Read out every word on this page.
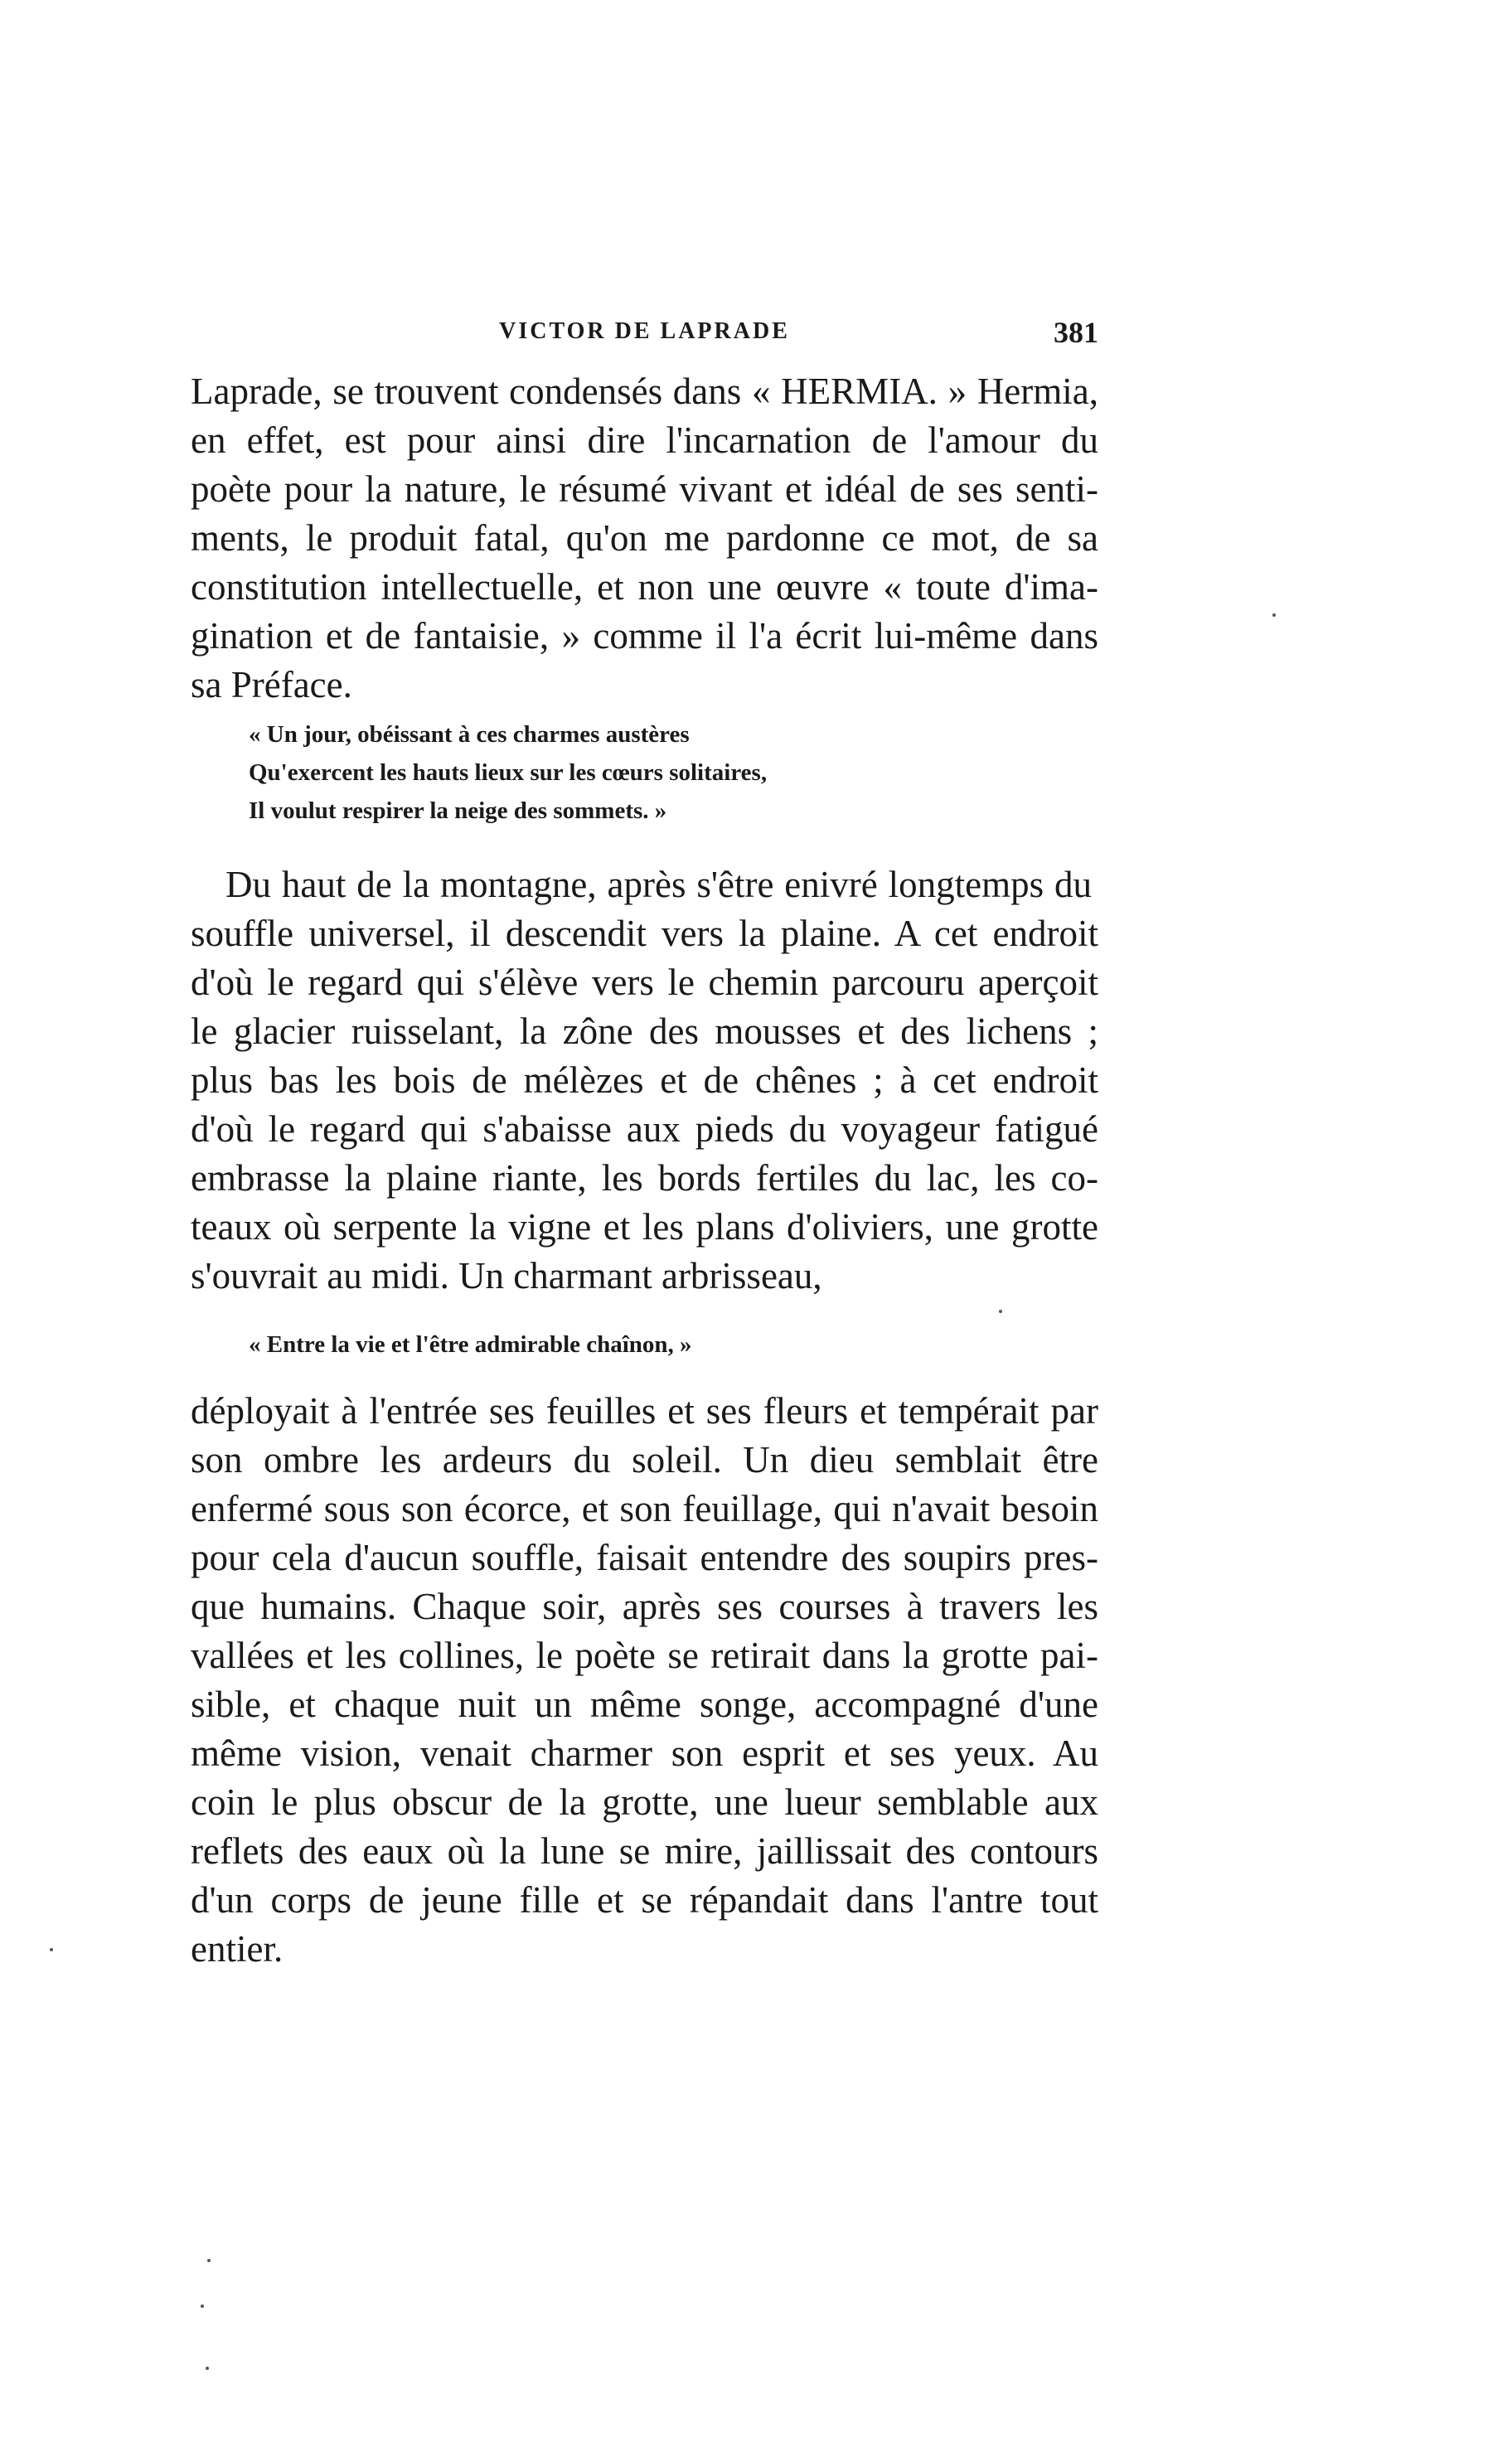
VICTOR DE LAPRADE	381
Laprade, se trouvent condensés dans « HERMIA. » Hermia,
en effet, est pour ainsi dire l'incarnation de l'amour du
poète pour la nature, le résumé vivant et idéal de ses senti-
ments, le produit fatal, qu'on me pardonne ce mot, de sa
constitution intellectuelle, et non une œuvre « toute d'ima-
gination et de fantaisie, » comme il l'a écrit lui-même dans
sa Préface.
« Un jour, obéissant à ces charmes austères
Qu'exercent les hauts lieux sur les cœurs solitaires,
Il voulut respirer la neige des sommets. »
Du haut de la montagne, après s'être enivré longtemps du
souffle universel, il descendit vers la plaine. A cet endroit
d'où le regard qui s'élève vers le chemin parcouru aperçoit
le glacier ruisselant, la zône des mousses et des lichens ;
plus bas les bois de mélèzes et de chênes ; à cet endroit
d'où le regard qui s'abaisse aux pieds du voyageur fatigué
embrasse la plaine riante, les bords fertiles du lac, les co-
teaux où serpente la vigne et les plans d'oliviers, une grotte
s'ouvrait au midi. Un charmant arbrisseau,
« Entre la vie et l'être admirable chaînon, »
déployait à l'entrée ses feuilles et ses fleurs et tempérait par
son ombre les ardeurs du soleil. Un dieu semblait être
enfermé sous son écorce, et son feuillage, qui n'avait besoin
pour cela d'aucun souffle, faisait entendre des soupirs pres-
que humains. Chaque soir, après ses courses à travers les
vallées et les collines, le poète se retirait dans la grotte pai-
sible, et chaque nuit un même songe, accompagné d'une
même vision, venait charmer son esprit et ses yeux. Au
coin le plus obscur de la grotte, une lueur semblable aux
reflets des eaux où la lune se mire, jaillissait des contours
d'un corps de jeune fille et se répandait dans l'antre tout
entier.
